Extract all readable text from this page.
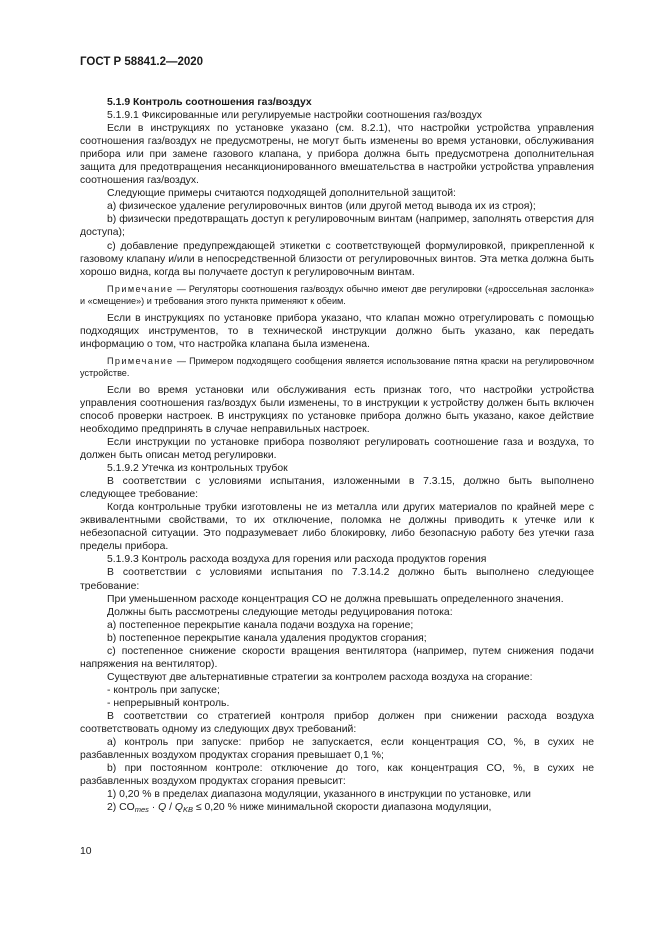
ГОСТ Р 58841.2—2020

5.1.9 Контроль соотношения газ/воздух

5.1.9.1 Фиксированные или регулируемые настройки соотношения газ/воздух

Если в инструкциях по установке указано (см. 8.2.1), что настройки устройства управления соотношения газ/воздух не предусмотрены, не могут быть изменены во время установки, обслуживания прибора или при замене газового клапана, у прибора должна быть предусмотрена дополнительная защита для предотвращения несанкционированного вмешательства в настройки устройства управления соотношения газ/воздух.

Следующие примеры считаются подходящей дополнительной защитой:

а) физическое удаление регулировочных винтов (или другой метод вывода их из строя);

b) физически предотвращать доступ к регулировочным винтам (например, заполнять отверстия для доступа);

c) добавление предупреждающей этикетки с соответствующей формулировкой, прикрепленной к газовому клапану и/или в непосредственной близости от регулировочных винтов. Эта метка должна быть хорошо видна, когда вы получаете доступ к регулировочным винтам.

Примечание — Регуляторы соотношения газ/воздух обычно имеют две регулировки («дроссельная заслонка» и «смещение») и требования этого пункта применяют к обеим.

Если в инструкциях по установке прибора указано, что клапан можно отрегулировать с помощью подходящих инструментов, то в технической инструкции должно быть указано, как передать информацию о том, что настройка клапана была изменена.

Примечание — Примером подходящего сообщения является использование пятна краски на регулировочном устройстве.

Если во время установки или обслуживания есть признак того, что настройки устройства управления соотношения газ/воздух были изменены, то в инструкции к устройству должен быть включен способ проверки настроек. В инструкциях по установке прибора должно быть указано, какое действие необходимо предпринять в случае неправильных настроек.

Если инструкции по установке прибора позволяют регулировать соотношение газа и воздуха, то должен быть описан метод регулировки.

5.1.9.2 Утечка из контрольных трубок

В соответствии с условиями испытания, изложенными в 7.3.15, должно быть выполнено следующее требование:

Когда контрольные трубки изготовлены не из металла или других материалов по крайней мере с эквивалентными свойствами, то их отключение, поломка не должны приводить к утечке или к небезопасной ситуации. Это подразумевает либо блокировку, либо безопасную работу без утечки газа пределы прибора.

5.1.9.3 Контроль расхода воздуха для горения или расхода продуктов горения

В соответствии с условиями испытания по 7.3.14.2 должно быть выполнено следующее требование:

При уменьшенном расходе концентрация CO не должна превышать определенного значения.

Должны быть рассмотрены следующие методы редуцирования потока:

а) постепенное перекрытие канала подачи воздуха на горение;

b) постепенное перекрытие канала удаления продуктов сгорания;

c) постепенное снижение скорости вращения вентилятора (например, путем снижения подачи напряжения на вентилятор).

Существуют две альтернативные стратегии за контролем расхода воздуха на сгорание:

- контроль при запуске;

- непрерывный контроль.

В соответствии со стратегией контроля прибор должен при снижении расхода воздуха соответствовать одному из следующих двух требований:

а) контроль при запуске: прибор не запускается, если концентрация CO, %, в сухих не разбавленных воздухом продуктах сгорания превышает 0,1 %;

b) при постоянном контроле: отключение до того, как концентрация CO, %, в сухих не разбавленных воздухом продуктах сгорания превысит:

1) 0,20 % в пределах диапазона модуляции, указанного в инструкции по установке, или

2) $CO_{mes} \cdot Q / Q_{KB} \le 0,20$ % ниже минимальной скорости диапазона модуляции,

10
